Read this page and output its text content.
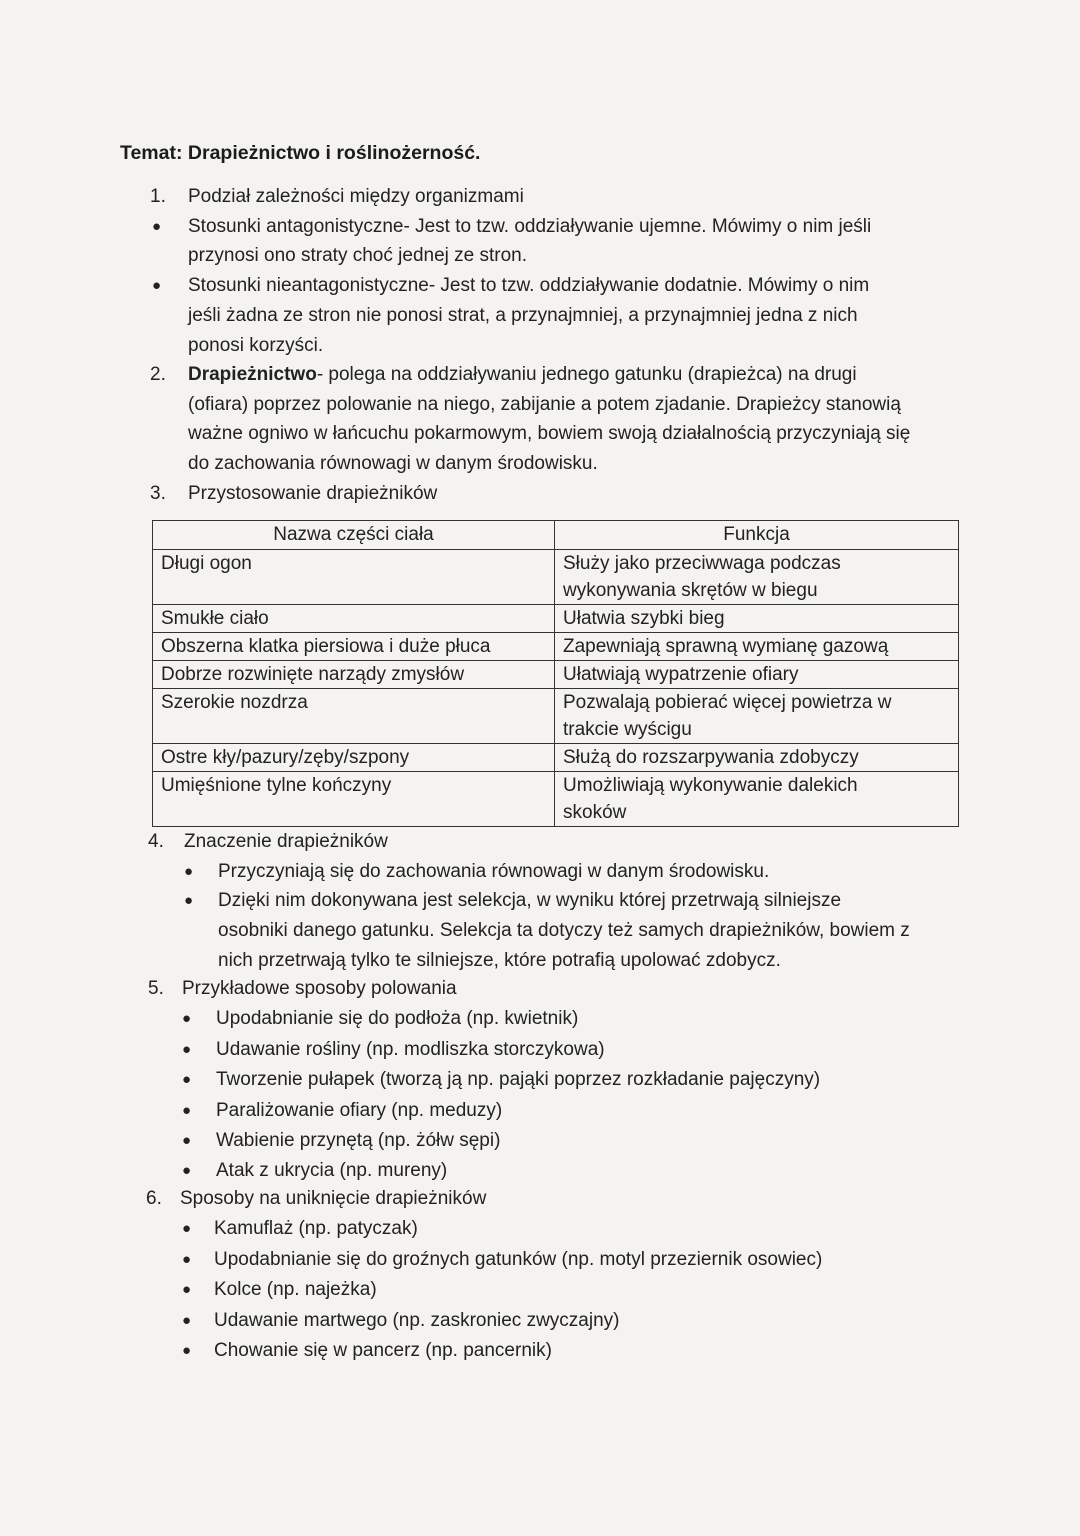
Temat: Drapieżnictwo i roślinożerność.
1.	Podział zależności między organizmami
● Stosunki antagonistyczne- Jest to tzw. oddziaływanie ujemne. Mówimy o nim jeśli
przynosi ono straty choć jednej ze stron.
● Stosunki nieantagonistyczne- Jest to tzw. oddziaływanie dodatnie. Mówimy o nim
jeśli żadna ze stron nie ponosi strat, a przynajmniej, a przynajmniej jedna z nich
ponosi korzyści.
2.	Drapieżnictwo- polega na oddziaływaniu jednego gatunku (drapieżca) na drugi
(ofiara) poprzez polowanie na niego, zabijanie a potem zjadanie. Drapieżcy stanowią
ważne ogniwo w łańcuchu pokarmowym, bowiem swoją działalnością przyczyniają się
do zachowania równowagi w danym środowisku.
3.	Przystosowanie drapieżników
Nazwa części ciała	Funkcja
Długi ogon	Służy jako przeciwwaga podczas
wykonywania skrętów w biegu

Smukłe ciało	Ułatwia szybki bieg
Obszerna klatka piersiowa i duże płuca	Zapewniają sprawną wymianę gazową
Dobrze rozwinięte narządy zmysłów	Ułatwiają wypatrzenie ofiary
Szerokie nozdrza	Pozwalają pobierać więcej powietrza w
trakcie wyścigu

Ostre kły/pazury/zęby/szpony	Służą do rozszarpywania zdobyczy
Umięśnione tylne kończyny	Umożliwiają wykonywanie dalekich
skoków
4.	Znaczenie drapieżników
● Przyczyniają się do zachowania równowagi w danym środowisku.
● Dzięki nim dokonywana jest selekcja, w wyniku której przetrwają silniejsze
osobniki danego gatunku. Selekcja ta dotyczy też samych drapieżników, bowiem z
nich przetrwają tylko te silniejsze, które potrafią upolować zdobycz.
5. Przykładowe sposoby polowania
● Upodabnianie się do podłoża (np. kwietnik)
● Udawanie rośliny (np. modliszka storczykowa)
● Tworzenie pułapek (tworzą ją np. pająki poprzez rozkładanie pajęczyny)
● Paraliżowanie ofiary (np. meduzy)
● Wabienie przynętą (np. żółw sępi)
● Atak z ukrycia (np. mureny)
6. Sposoby na uniknięcie drapieżników
● Kamuflaż (np. patyczak)
● Upodabnianie się do groźnych gatunków (np. motyl przeziernik osowiec)
● Kolce (np. najeżka)
● Udawanie martwego (np. zaskroniec zwyczajny)
● Chowanie się w pancerz (np. pancernik)
